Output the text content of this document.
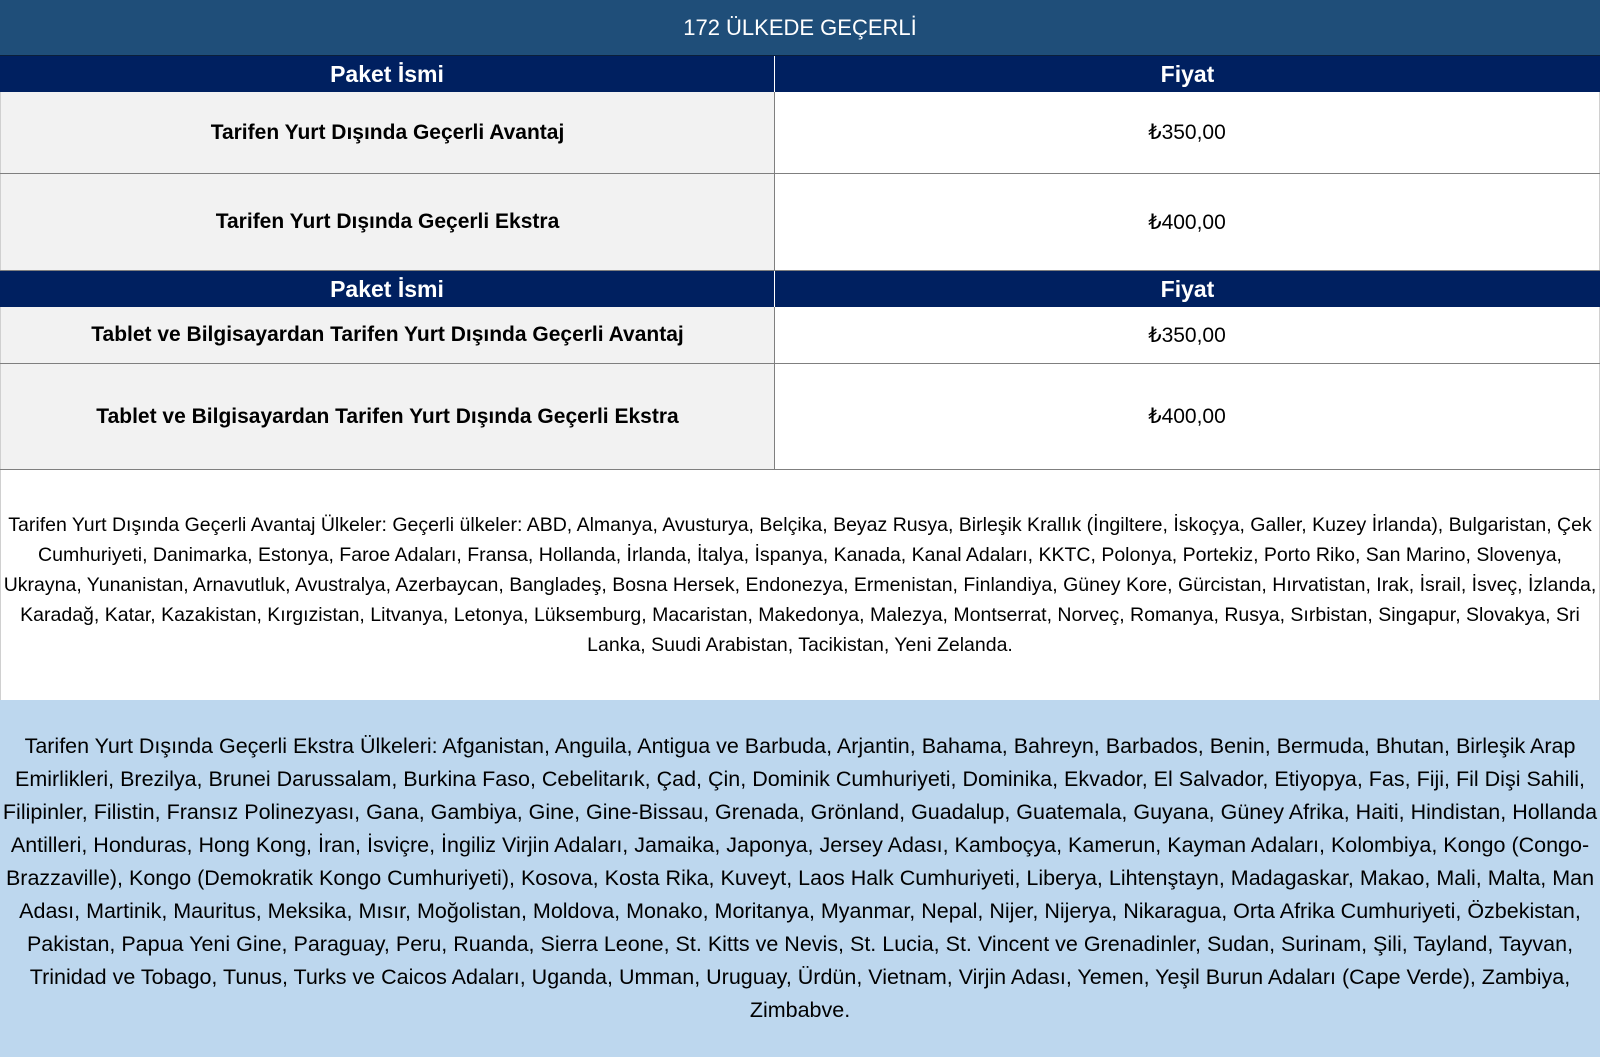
172 ÜLKEDE GEÇERLİ
Paket İsmi	Fiyat
Tarifen Yurt Dışında Geçerli Avantaj	₺350,00
Tarifen Yurt Dışında Geçerli Ekstra	₺400,00
Paket İsmi	Fiyat
Tablet ve Bilgisayardan Tarifen Yurt Dışında Geçerli Avantaj	₺350,00
Tablet ve Bilgisayardan Tarifen Yurt Dışında Geçerli Ekstra	₺400,00
Tarifen Yurt Dışında Geçerli Avantaj Ülkeler: Geçerli ülkeler: ABD, Almanya, Avusturya, Belçika, Beyaz Rusya, Birleşik Krallık (İngiltere, İskoçya, Galler, Kuzey İrlanda), Bulgaristan, Çek Cumhuriyeti, Danimarka, Estonya, Faroe Adaları, Fransa, Hollanda, İrlanda, İtalya, İspanya, Kanada, Kanal Adaları, KKTC, Polonya, Portekiz, Porto Riko, San Marino, Slovenya, Ukrayna, Yunanistan, Arnavutluk, Avustralya, Azerbaycan, Bangladeş, Bosna Hersek, Endonezya, Ermenistan, Finlandiya, Güney Kore, Gürcistan, Hırvatistan, Irak, İsrail, İsveç, İzlanda, Karadağ, Katar, Kazakistan, Kırgızistan, Litvanya, Letonya, Lüksemburg, Macaristan, Makedonya, Malezya, Montserrat, Norveç, Romanya, Rusya, Sırbistan, Singapur, Slovakya, Sri Lanka, Suudi Arabistan, Tacikistan, Yeni Zelanda.
Tarifen Yurt Dışında Geçerli Ekstra Ülkeleri: Afganistan, Anguila, Antigua ve Barbuda, Arjantin, Bahama, Bahreyn, Barbados, Benin, Bermuda, Bhutan, Birleşik Arap Emirlikleri, Brezilya, Brunei Darussalam, Burkina Faso, Cebelitarık, Çad, Çin, Dominik Cumhuriyeti, Dominika, Ekvador, El Salvador, Etiyopya, Fas, Fiji, Fil Dişi Sahili, Filipinler, Filistin, Fransız Polinezyası, Gana, Gambiya, Gine, Gine-Bissau, Grenada, Grönland, Guadalup, Guatemala, Guyana, Güney Afrika, Haiti, Hindistan, Hollanda Antilleri, Honduras, Hong Kong, İran, İsviçre, İngiliz Virjin Adaları, Jamaika, Japonya, Jersey Adası, Kamboçya, Kamerun, Kayman Adaları, Kolombiya, Kongo (Congo-Brazzaville), Kongo (Demokratik Kongo Cumhuriyeti), Kosova, Kosta Rika, Kuveyt, Laos Halk Cumhuriyeti, Liberya, Lihtenştayn, Madagaskar, Makao, Mali, Malta, Man Adası, Martinik, Mauritus, Meksika, Mısır, Moğolistan, Moldova, Monako, Moritanya, Myanmar, Nepal, Nijer, Nijerya, Nikaragua, Orta Afrika Cumhuriyeti, Özbekistan, Pakistan, Papua Yeni Gine, Paraguay, Peru, Ruanda, Sierra Leone, St. Kitts ve Nevis, St. Lucia, St. Vincent ve Grenadinler, Sudan, Surinam, Şili, Tayland, Tayvan, Trinidad ve Tobago, Tunus, Turks ve Caicos Adaları, Uganda, Umman, Uruguay, Ürdün, Vietnam, Virjin Adası, Yemen, Yeşil Burun Adaları (Cape Verde), Zambiya, Zimbabve.
